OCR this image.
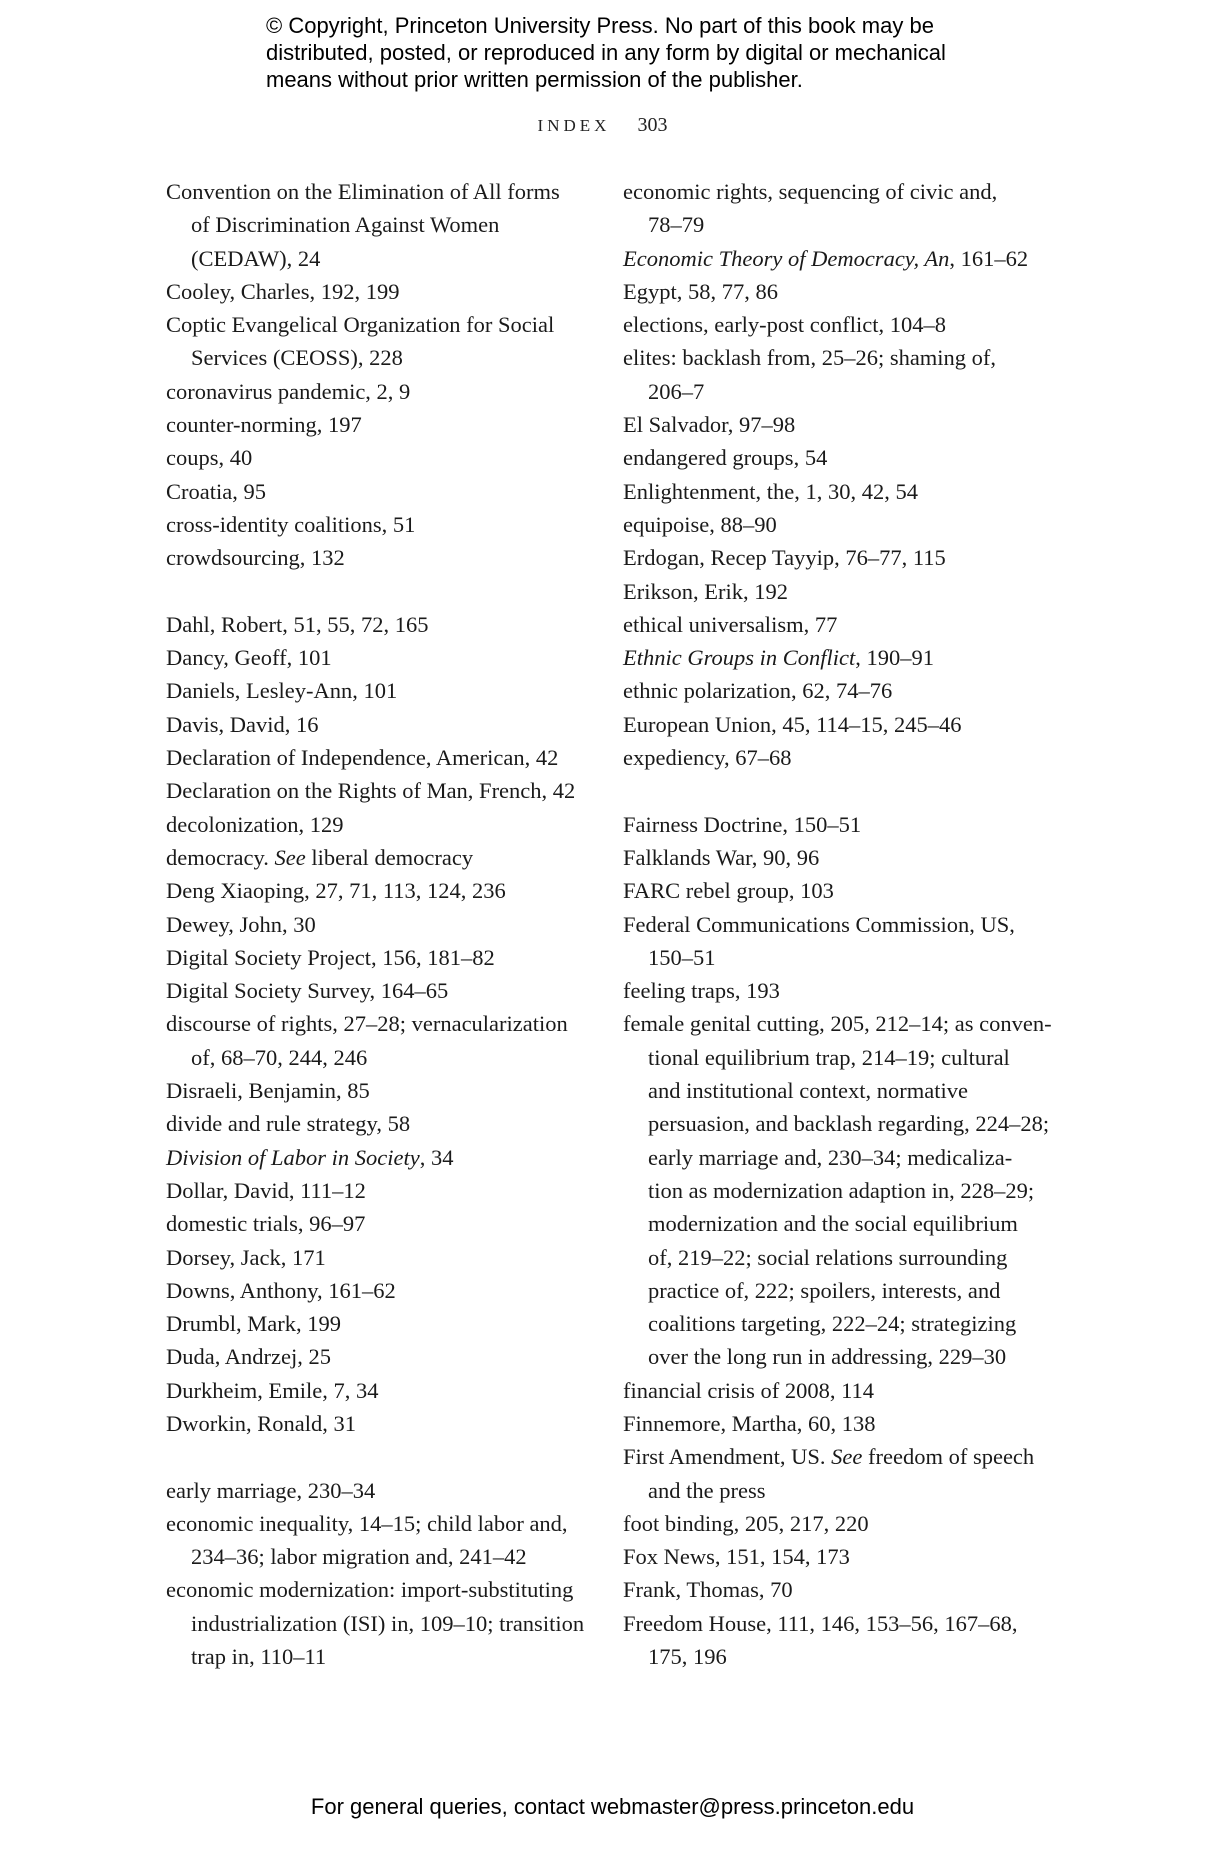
© Copyright, Princeton University Press. No part of this book may be
distributed, posted, or reproduced in any form by digital or mechanical
means without prior written permission of the publisher.
INDEX 303
Convention on the Elimination of All forms
of Discrimination Against Women
(CEDAW), 24
Cooley, Charles, 192, 199
Coptic Evangelical Organization for Social
Services (CEOSS), 228
coronavirus pandemic, 2, 9
counter-norming, 197
coups, 40
Croatia, 95
cross-identity coalitions, 51
crowdsourcing, 132
Dahl, Robert, 51, 55, 72, 165
Dancy, Geoff, 101
Daniels, Lesley-Ann, 101
Davis, David, 16
Declaration of Independence, American, 42
Declaration on the Rights of Man, French, 42
decolonization, 129
democracy. See liberal democracy
Deng Xiaoping, 27, 71, 113, 124, 236
Dewey, John, 30
Digital Society Project, 156, 181–82
Digital Society Survey, 164–65
discourse of rights, 27–28; vernacularization
of, 68–70, 244, 246
Disraeli, Benjamin, 85
divide and rule strategy, 58
Division of Labor in Society, 34
Dollar, David, 111–12
domestic trials, 96–97
Dorsey, Jack, 171
Downs, Anthony, 161–62
Drumbl, Mark, 199
Duda, Andrzej, 25
Durkheim, Emile, 7, 34
Dworkin, Ronald, 31
early marriage, 230–34
economic inequality, 14–15; child labor and,
234–36; labor migration and, 241–42
economic modernization: import-substituting
industrialization (ISI) in, 109–10; transition
trap in, 110–11
economic rights, sequencing of civic and,
78–79
Economic Theory of Democracy, An, 161–62
Egypt, 58, 77, 86
elections, early-post conflict, 104–8
elites: backlash from, 25–26; shaming of,
206–7
El Salvador, 97–98
endangered groups, 54
Enlightenment, the, 1, 30, 42, 54
equipoise, 88–90
Erdogan, Recep Tayyip, 76–77, 115
Erikson, Erik, 192
ethical universalism, 77
Ethnic Groups in Conflict, 190–91
ethnic polarization, 62, 74–76
European Union, 45, 114–15, 245–46
expediency, 67–68
Fairness Doctrine, 150–51
Falklands War, 90, 96
FARC rebel group, 103
Federal Communications Commission, US,
150–51
feeling traps, 193
female genital cutting, 205, 212–14; as conven-
tional equilibrium trap, 214–19; cultural
and institutional context, normative
persuasion, and backlash regarding, 224–28;
early marriage and, 230–34; medicaliza-
tion as modernization adaption in, 228–29;
modernization and the social equilibrium
of, 219–22; social relations surrounding
practice of, 222; spoilers, interests, and
coalitions targeting, 222–24; strategizing
over the long run in addressing, 229–30
financial crisis of 2008, 114
Finnemore, Martha, 60, 138
First Amendment, US. See freedom of speech
and the press
foot binding, 205, 217, 220
Fox News, 151, 154, 173
Frank, Thomas, 70
Freedom House, 111, 146, 153–56, 167–68,
175, 196
For general queries, contact webmaster@press.princeton.edu
